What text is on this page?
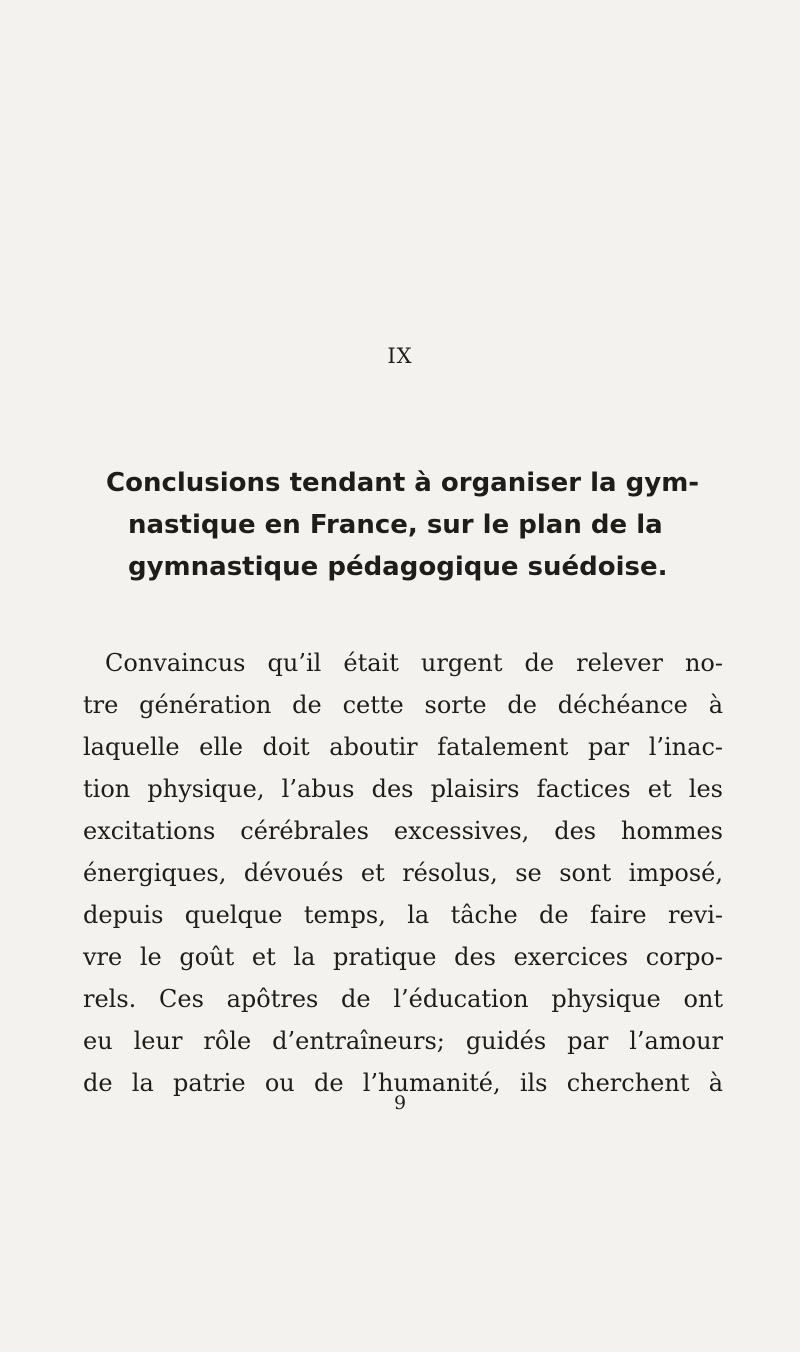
IX
Conclusions tendant à organiser la gym-
nastique en France, sur le plan de la
gymnastique pédagogique suédoise.
Convaincus qu’il était urgent de relever no-
tre génération de cette sorte de déchéance à
laquelle elle doit aboutir fatalement par l’inac-
tion physique, l’abus des plaisirs factices et les
excitations cérébrales excessives, des hommes
énergiques, dévoués et résolus, se sont imposé,
depuis quelque temps, la tâche de faire revi-
vre le goût et la pratique des exercices corpo-
rels. Ces apôtres de l’éducation physique ont
eu leur rôle d’entraîneurs; guidés par l’amour
de la patrie ou de l’humanité, ils cherchent à
9
